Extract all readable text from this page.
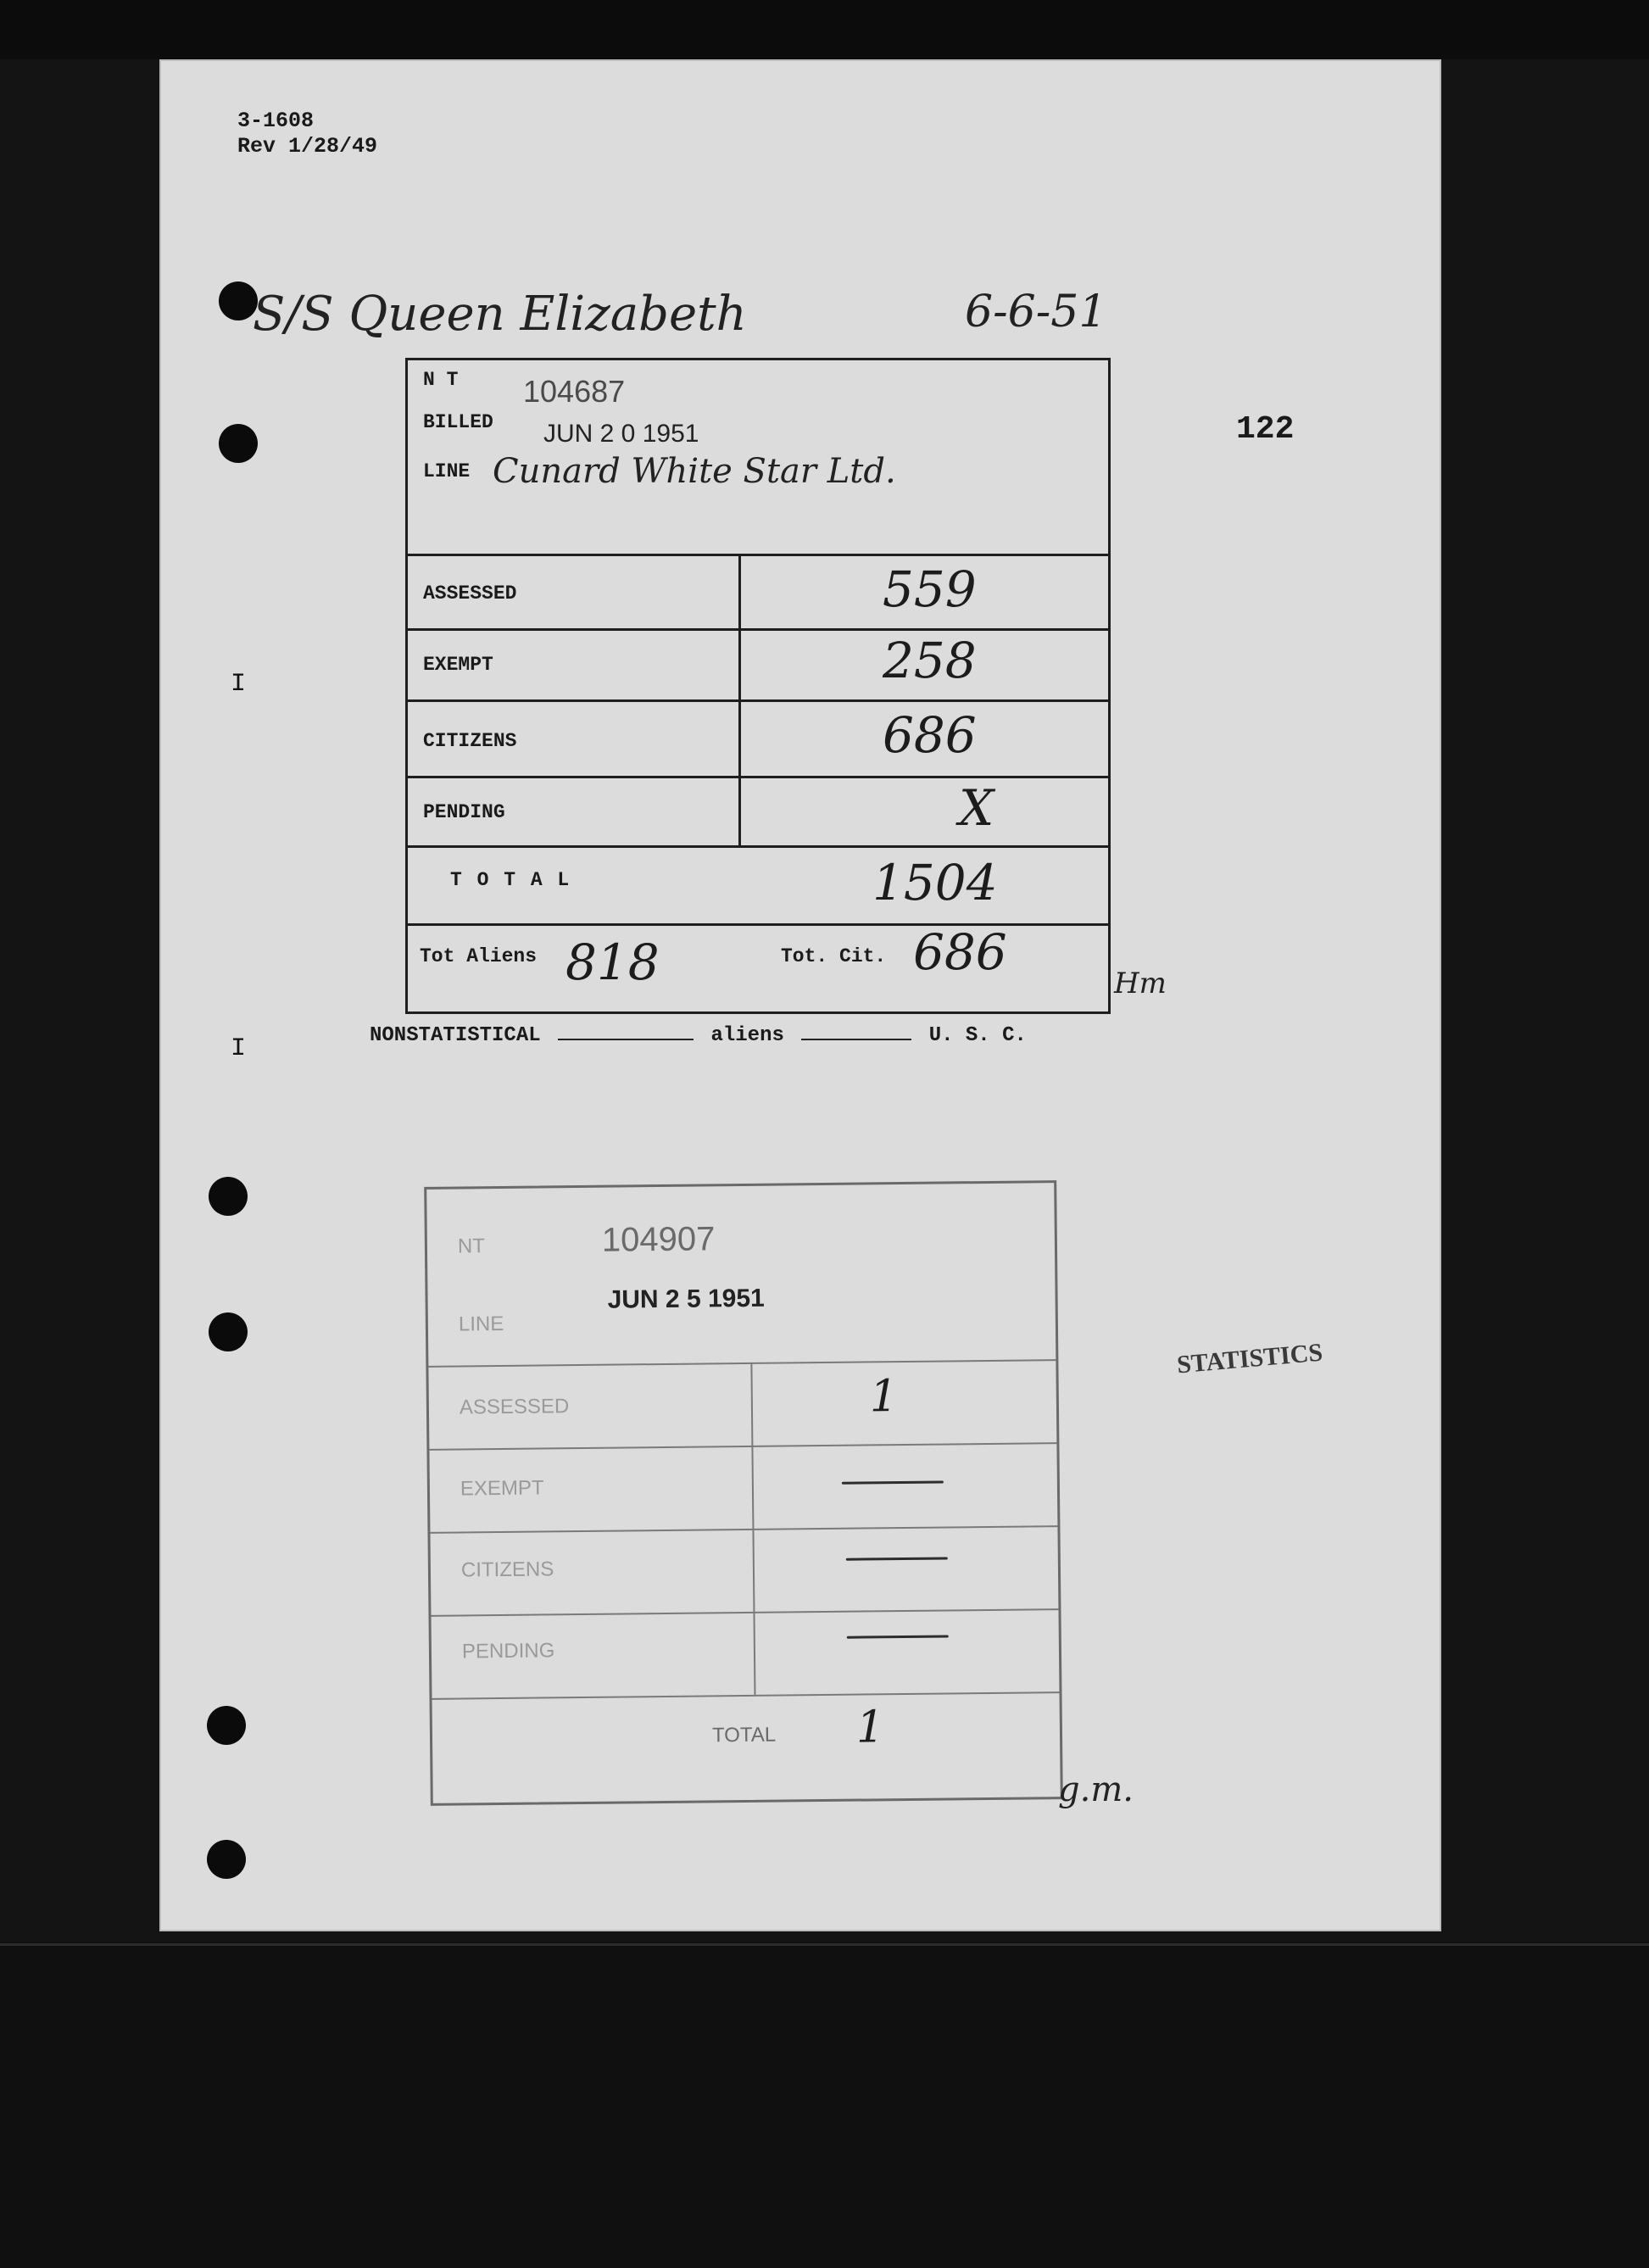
I
I
3-1608
Rev 1/28/49
S/S Queen Elizabeth	6-6-51
122
N T 104687
BILLED JUN 2 0 1951
LINE Cunard White Star Ltd.
ASSESSED	559
EXEMPT	258
CITIZENS	686
PENDING	X
T O T A L	1504
Tot Aliens 818	Tot. Cit. 686
Hm
NONSTATISTICAL	aliens	U. S. C.
NT	104907
JUN 2 5 1951
LINE
ASSESSED	1
EXEMPT
CITIZENS
PENDING
TOTAL 1
g.m.
STATISTICS
